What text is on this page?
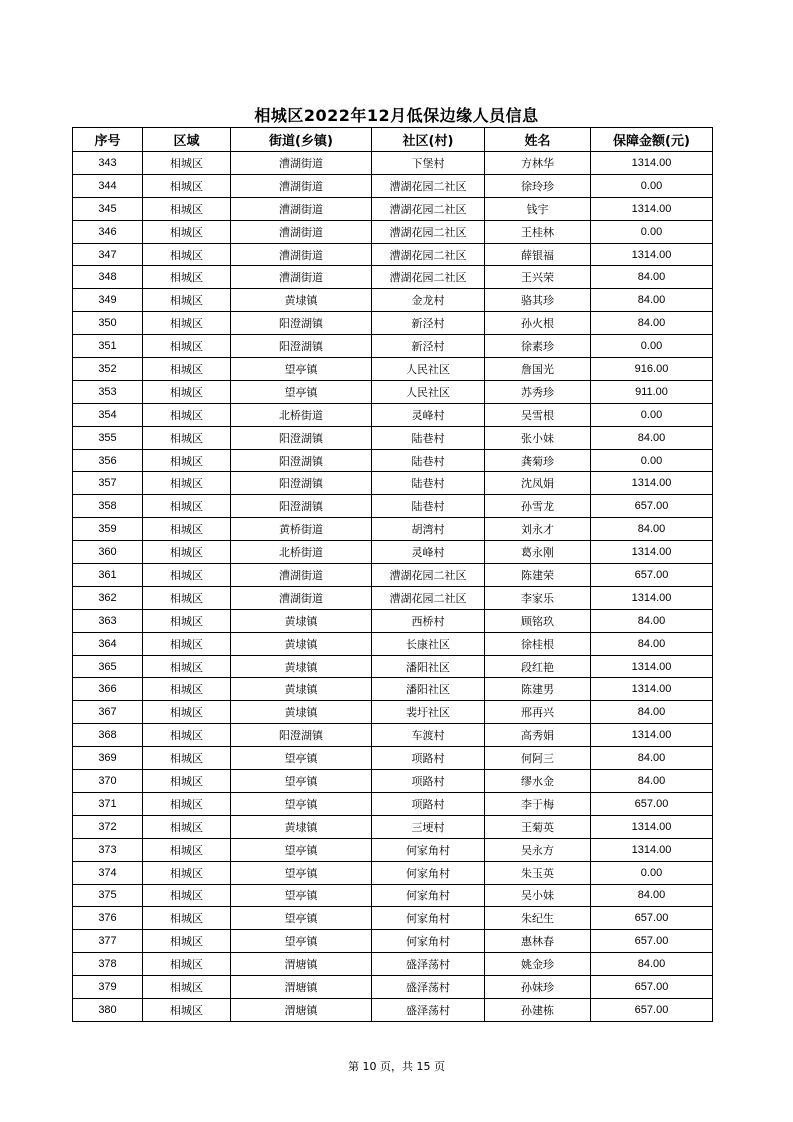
相城区2022年12月低保边缘人员信息
序号	区域	街道(乡镇)	社区(村)	姓名	保障金额(元)
343	相城区	漕湖街道	下堡村	方林华	1314.00
344	相城区	漕湖街道	漕湖花园二社区	徐玲珍	0.00
345	相城区	漕湖街道	漕湖花园二社区	钱宇	1314.00
346	相城区	漕湖街道	漕湖花园二社区	王桂林	0.00
347	相城区	漕湖街道	漕湖花园二社区	薛银福	1314.00
348	相城区	漕湖街道	漕湖花园二社区	王兴荣	84.00
349	相城区	黄埭镇	金龙村	骆其珍	84.00
350	相城区	阳澄湖镇	新泾村	孙火根	84.00
351	相城区	阳澄湖镇	新泾村	徐素珍	0.00
352	相城区	望亭镇	人民社区	詹国光	916.00
353	相城区	望亭镇	人民社区	苏秀珍	911.00
354	相城区	北桥街道	灵峰村	吴雪根	0.00
355	相城区	阳澄湖镇	陆巷村	张小妹	84.00
356	相城区	阳澄湖镇	陆巷村	龚菊珍	0.00
357	相城区	阳澄湖镇	陆巷村	沈凤娟	1314.00
358	相城区	阳澄湖镇	陆巷村	孙雪龙	657.00
359	相城区	黄桥街道	胡湾村	刘永才	84.00
360	相城区	北桥街道	灵峰村	葛永刚	1314.00
361	相城区	漕湖街道	漕湖花园二社区	陈建荣	657.00
362	相城区	漕湖街道	漕湖花园二社区	李家乐	1314.00
363	相城区	黄埭镇	西桥村	顾铭玖	84.00
364	相城区	黄埭镇	长康社区	徐桂根	84.00
365	相城区	黄埭镇	潘阳社区	段红艳	1314.00
366	相城区	黄埭镇	潘阳社区	陈建男	1314.00
367	相城区	黄埭镇	裴圩社区	邢再兴	84.00
368	相城区	阳澄湖镇	车渡村	高秀娟	1314.00
369	相城区	望亭镇	项路村	何阿三	84.00
370	相城区	望亭镇	项路村	缪水金	84.00
371	相城区	望亭镇	项路村	李于梅	657.00
372	相城区	黄埭镇	三埂村	王菊英	1314.00
373	相城区	望亭镇	何家角村	吴永方	1314.00
374	相城区	望亭镇	何家角村	朱玉英	0.00
375	相城区	望亭镇	何家角村	吴小妹	84.00
376	相城区	望亭镇	何家角村	朱纪生	657.00
377	相城区	望亭镇	何家角村	惠林春	657.00
378	相城区	渭塘镇	盛泽荡村	姚金珍	84.00
379	相城区	渭塘镇	盛泽荡村	孙妹珍	657.00
380	相城区	渭塘镇	盛泽荡村	孙建栋	657.00
第 10 页，共 15 页
